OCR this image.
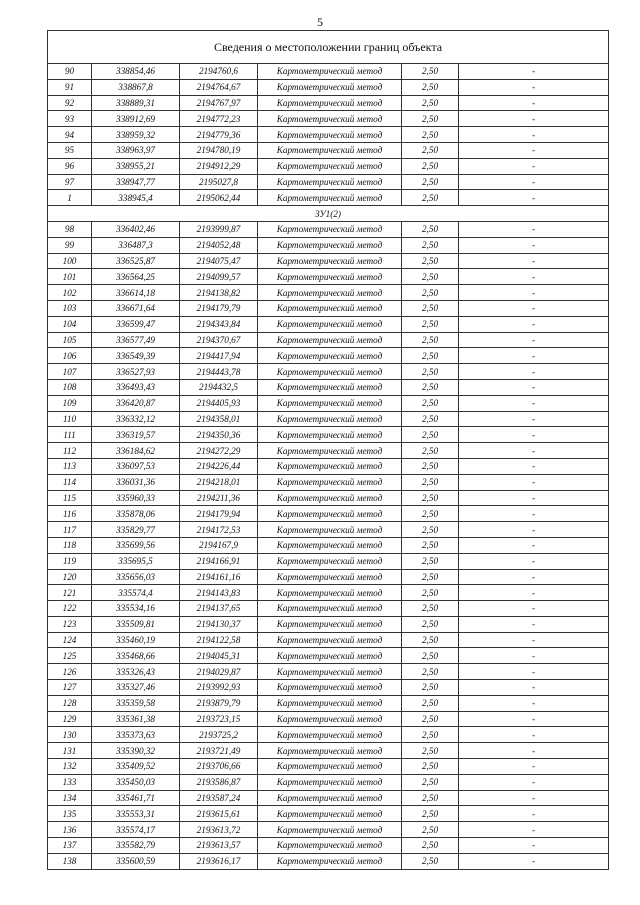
5
Сведения о местоположении границ объекта					
90	338854,46	2194760,6	Картометрический метод	2,50	-
91	338867,8	2194764,67	Картометрический метод	2,50	-
92	338889,31	2194767,97	Картометрический метод	2,50	-
93	338912,69	2194772,23	Картометрический метод	2,50	-
94	338959,32	2194779,36	Картометрический метод	2,50	-
95	338963,97	2194780,19	Картометрический метод	2,50	-
96	338955,21	2194912,29	Картометрический метод	2,50	-
97	338947,77	2195027,8	Картометрический метод	2,50	-
1	338945,4	2195062,44	Картометрический метод	2,50	-
ЗУ1(2)					
98	336402,46	2193999,87	Картометрический метод	2,50	-
99	336487,3	2194052,48	Картометрический метод	2,50	-
100	336525,87	2194075,47	Картометрический метод	2,50	-
101	336564,25	2194099,57	Картометрический метод	2,50	-
102	336614,18	2194138,82	Картометрический метод	2,50	-
103	336671,64	2194179,79	Картометрический метод	2,50	-
104	336599,47	2194343,84	Картометрический метод	2,50	-
105	336577,49	2194370,67	Картометрический метод	2,50	-
106	336549,39	2194417,94	Картометрический метод	2,50	-
107	336527,93	2194443,78	Картометрический метод	2,50	-
108	336493,43	2194432,5	Картометрический метод	2,50	-
109	336420,87	2194405,93	Картометрический метод	2,50	-
110	336332,12	2194358,01	Картометрический метод	2,50	-
111	336319,57	2194350,36	Картометрический метод	2,50	-
112	336184,62	2194272,29	Картометрический метод	2,50	-
113	336097,53	2194226,44	Картометрический метод	2,50	-
114	336031,36	2194218,01	Картометрический метод	2,50	-
115	335960,33	2194211,36	Картометрический метод	2,50	-
116	335878,06	2194179,94	Картометрический метод	2,50	-
117	335829,77	2194172,53	Картометрический метод	2,50	-
118	335699,56	2194167,9	Картометрический метод	2,50	-
119	335695,5	2194166,91	Картометрический метод	2,50	-
120	335656,03	2194161,16	Картометрический метод	2,50	-
121	335574,4	2194143,83	Картометрический метод	2,50	-
122	335534,16	2194137,65	Картометрический метод	2,50	-
123	335509,81	2194130,37	Картометрический метод	2,50	-
124	335460,19	2194122,58	Картометрический метод	2,50	-
125	335468,66	2194045,31	Картометрический метод	2,50	-
126	335326,43	2194029,87	Картометрический метод	2,50	-
127	335327,46	2193992,93	Картометрический метод	2,50	-
128	335359,58	2193879,79	Картометрический метод	2,50	-
129	335361,38	2193723,15	Картометрический метод	2,50	-
130	335373,63	2193725,2	Картометрический метод	2,50	-
131	335390,32	2193721,49	Картометрический метод	2,50	-
132	335409,52	2193706,66	Картометрический метод	2,50	-
133	335450,03	2193586,87	Картометрический метод	2,50	-
134	335461,71	2193587,24	Картометрический метод	2,50	-
135	335553,31	2193615,61	Картометрический метод	2,50	-
136	335574,17	2193613,72	Картометрический метод	2,50	-
137	335582,79	2193613,57	Картометрический метод	2,50	-
138	335600,59	2193616,17	Картометрический метод	2,50	-
